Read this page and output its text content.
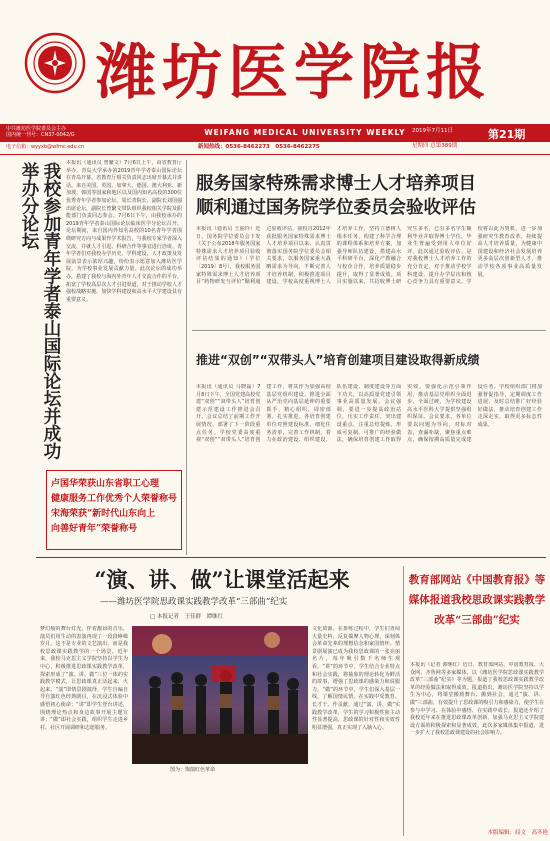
潍坊医学院报
中共潍坊医学院委员会主办
国内统一刊号：CN37-0042/G
电子信箱：wyyxb@wfmc.edu.cn
WEIFANG MEDICAL UNIVERSITY WEEKLY
新闻热线：0536-8462273　0536-8462275
2019年7月11日
星期四 总第389期
第21期
我校参加青年学者泰山国际论坛并成功举办分论坛	本报讯（通讯员 曾繁文）7月6日上午，由省教育厅举办、青岛大学承办的2019青年学者泰山国际论坛在青岛开幕，省教育厅相关负责同志出席开幕式并讲话。来自美国、英国、加拿大、德国、澳大利亚、新加坡、韩国等国家和地区以及国内知名高校的300位优秀青年学者参加论坛。周长青院长、副院长刘国强出席论坛，副院长曾繁文带队组织我校相关学院及职能部门负责同志参会。7月6日下午，由我校承办的2019青年学者泰山国际论坛临床医学分论坛召开。论坛期间，来自国内外知名高校的10名青年学者围绕研究方向与成果作学术报告，与我校专家学者深入交流，并就人才引进、科研合作等事宜进行洽谈。青年学者们对我校办学历史、学科建设、人才政策及发展前景表示浓厚兴趣，纷纷表示愿意加入潍坊医学院，为学校事业发展贡献力量。此次论坛的成功举办，搭建了我校与海内外青年人才交流合作的平台，拓宽了学校高层次人才引进渠道，对于推动学校人才强校战略实施、加快学科建设和高水平大学建设具有重要意义。
卢国华荣获山东省职工心理
健康服务工作优秀个人荣誉称号
宋海荣获“新时代山东向上
向善好青年”荣誉称号
服务国家特殊需求博士人才培养项目
顺利通过国务院学位委员会验收评估
本报讯（通讯员 王丽玲）近日，国务院学位委员会下发《关于公布2018年服务国家特殊需求人才培养项目验收评估结果的通知》（学位〔2019〕8号），我校服务国家特殊需求博士人才培养项目“药物研发与评价”顺利通过验收评估。我校自2012年获批服务国家特殊需求博士人才培养项目以来，认真贯彻落实国务院学位委员会相关要求，以服务国家重大战略需求为导向，不断完善人才培养机制，积极推进项目建设。学校高度重视博士人才培养工作，坚持立德树人根本任务，构建了科学合理的课程体系和培养方案，加强导师队伍建设，搭建高水平科研平台，深化产教融合与校企合作，培养质量稳步提升，取得了显著成效。项目实施以来，共招收博士研究生多名，已有多名学生顺利毕业并取得博士学位，毕业生普遍受到用人单位好评。此次通过验收评估，是对我校博士人才培养工作的充分肯定，对于推动学校学科建设、提升办学层次和核心竞争力具有重要意义。学校将以此为契机，进一步加强研究生教育改革，持续提高人才培养质量，为健康中国建设和经济社会发展培养更多高层次创新型人才，推动学校各项事业高质量发展。
推进“双创”“双带头人”培育创建项目建设取得新成绩
本报讯（通讯员 马晓磊）7月8日下午，全国党建高校党建“双创”“双带头人”培育创建示范建设工作推进会召开。会议总结了前期工作开展情况，部署了下一阶段重点任务。学校党委高度重视“双创”“双带头人”培育创建工作，将其作为加强高校基层党组织建设、推进全面从严治党向基层延伸的重要抓手，精心组织，周密部署，扎实推进。各培育创建单位对照建设标准，细化任务清单，完善工作机制，着力在政治建设、组织建设、队伍建设、制度建设等方面下功夫，以高质量党建引领事业高质量发展。会议强调，要进一步提高政治站位，压实工作责任，突出建设重点，注重总结提炼，形成可复制、可推广的经验做法，确保培育创建工作取得实效。要强化示范引领作用，推动基层党组织全面进步、全面过硬，为学校建设高水平医科大学提供坚强组织保证。会议要求，各单位要以问题为导向，对标对表，查漏补缺，聚焦重点难点，确保按期高质量完成建设任务。学校组织部门将加强督促指导，定期调度工作进展，及时总结推广好经验好做法，推动培育创建工作走深走实，取得更多标志性成果。
“演、讲、做”让课堂活起来
——潍坊医学院思政课实践教学改革“三部曲”纪实
□ 本报记者　王佳群　谭继红
梦幻般的舞台灯光，伴着激昂的音乐，演员们用生动的表演再现了一段段峥嵘岁月。这不是专业的文艺演出，而是我校思政课实践教学的一个场景。近年来，我校马克思主义学院坚持以学生为中心，积极推进思政课实践教学改革，探索形成了“演、讲、做”三位一体的实践教学模式，让思政课真正活起来、火起来。“演”即情景剧演绎，学生自编自导自演红色经典剧目，在沉浸式体验中感悟初心使命；“讲”即学生登台讲述，围绕理论热点和身边故事开展主题宣讲；“做”即社会实践，组织学生走进乡村、社区开展调研和志愿服务。
图为：饰演红色革命
文化资源。在排练过程中，学生们查阅大量史料，反复揣摩人物心理，深刻体会革命先辈的理想信念和家国情怀。情景剧展演已成为我校思政课的一张亮丽名片，每年吸引数千名师生观看。“讲”的环节中，学生结合专业特点和社会实践，将抽象的理论转化为鲜活的故事，增强了思政课的感染力和说服力。“做”的环节中，学生们深入基层一线，了解国情民情，在实践中受教育、长才干、作贡献。通过“演、讲、做”实践教学改革，学生的学习积极性和主动性显著提高，思政课的针对性和实效性明显增强，真正实现了入脑入心。
教育部网站《中国教育报》等媒体报道我校思政课实践教学改革“三部曲”纪实
本报讯（记者 谭继红）近日，教育部网站、中国教育报、大众网、齐鲁网等多家媒体，以《潍坊医学院思政课实践教学改革“三部曲”纪实》等为题，报道了我校思政课实践教学改革的经验做法和取得成效。报道指出，潍坊医学院坚持以学生为中心，将课堂搬到舞台、搬到社会，通过“演、讲、做”三部曲，有效提升了思政课的吸引力和感染力，使学生在参与中学习、在体验中感悟、在实践中成长。报道还介绍了我校近年来在推进思政课改革创新、加强马克思主义学院建设方面的积极探索和显著成效。此次多家媒体集中报道，进一步扩大了我校思政课建设的社会影响力。
本版编辑：屈文　高冬艳
